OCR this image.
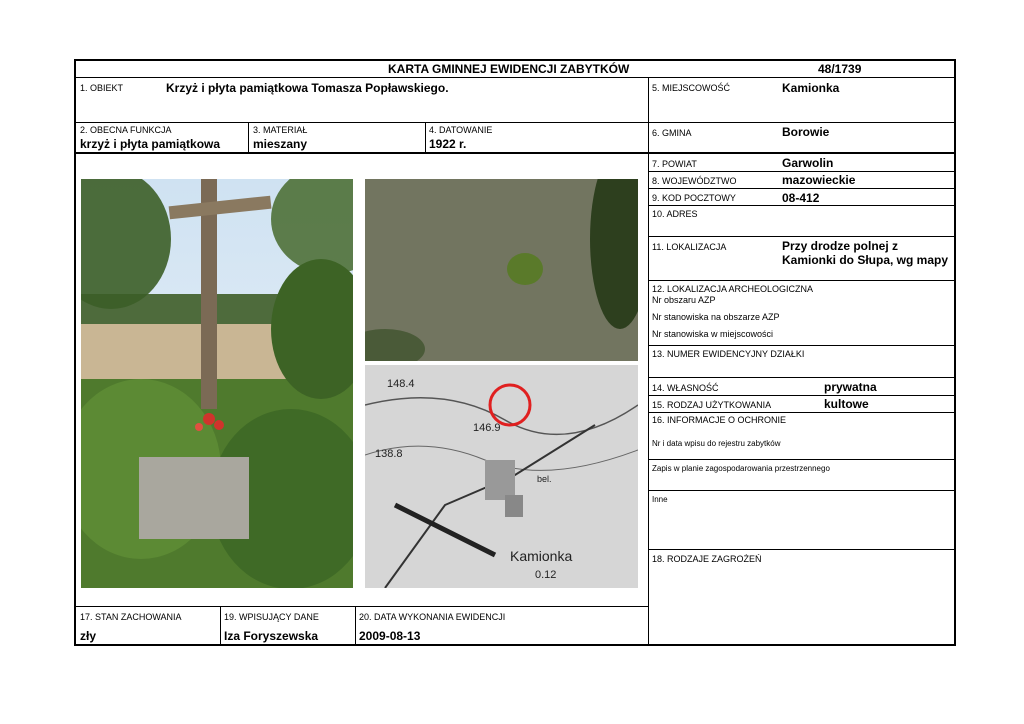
KARTA GMINNEJ EWIDENCJI ZABYTKÓW	48/1739
1. OBIEKT	Krzyż i płyta pamiątkowa Tomasza Popławskiego.	5. MIEJSCOWOŚĆ	Kamionka
2. OBECNA FUNKCJA
krzyż i płyta pamiątkowa
3. MATERIAŁ
mieszany
4. DATOWANIE
1922 r.
6. GMINA	Borowie
7. POWIAT	Garwolin
8. WOJEWÓDZTWO	mazowieckie
9. KOD POCZTOWY	08-412
10. ADRES
11. LOKALIZACJA	Przy drodze polnej z
Kamionki do Słupa, wg mapy
12. LOKALIZACJA ARCHEOLOGICZNA
Nr obszaru AZP
Nr stanowiska na obszarze AZP
Nr stanowiska w miejscowości
13. NUMER EWIDENCYJNY DZIAŁKI
14. WŁASNOŚĆ	prywatna
15. RODZAJ UŻYTKOWANIA	kultowe
16. INFORMACJE O OCHRONIE
Nr i data wpisu do rejestru zabytków
Zapis w planie zagospodarowania przestrzennego
Inne
18. RODZAJE ZAGROŻEŃ
17. STAN ZACHOWANIA
zły
19. WPISUJĄCY DANE
Iza Foryszewska
20. DATA WYKONANIA EWIDENCJI
2009-08-13
148.4
146.9
138.8
Kamionka
0.12
bel.
